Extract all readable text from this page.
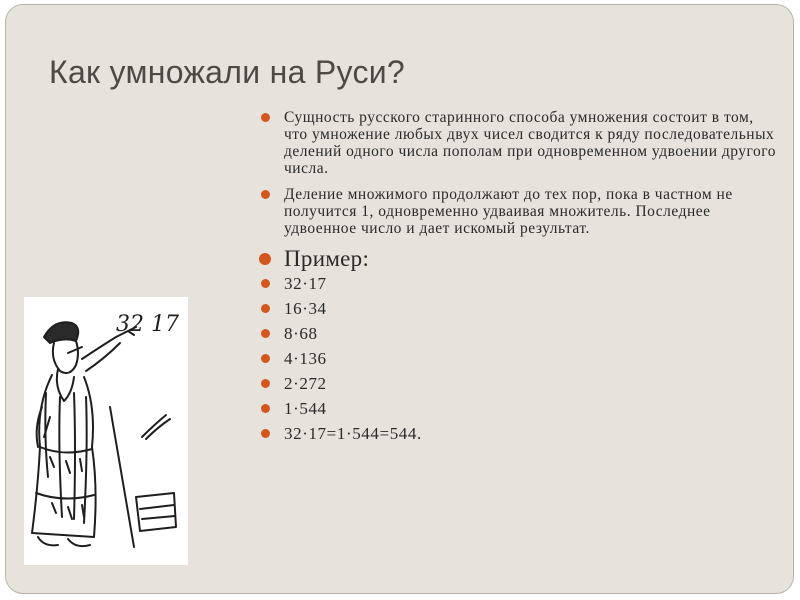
Как умножали на Руси?
Сущность русского старинного способа умножения состоит в том, что умножение любых двух чисел сводится к ряду последовательных делений одного числа пополам при одновременном удвоении другого числа.
Деление множимого продолжают до тех пор, пока в частном не получится 1, одновременно удваивая множитель. Последнее удвоенное число и дает искомый результат.
Пример:
32·17
16·34
8·68
4·136
2·272
1·544
32·17=1·544=544.
32 17
